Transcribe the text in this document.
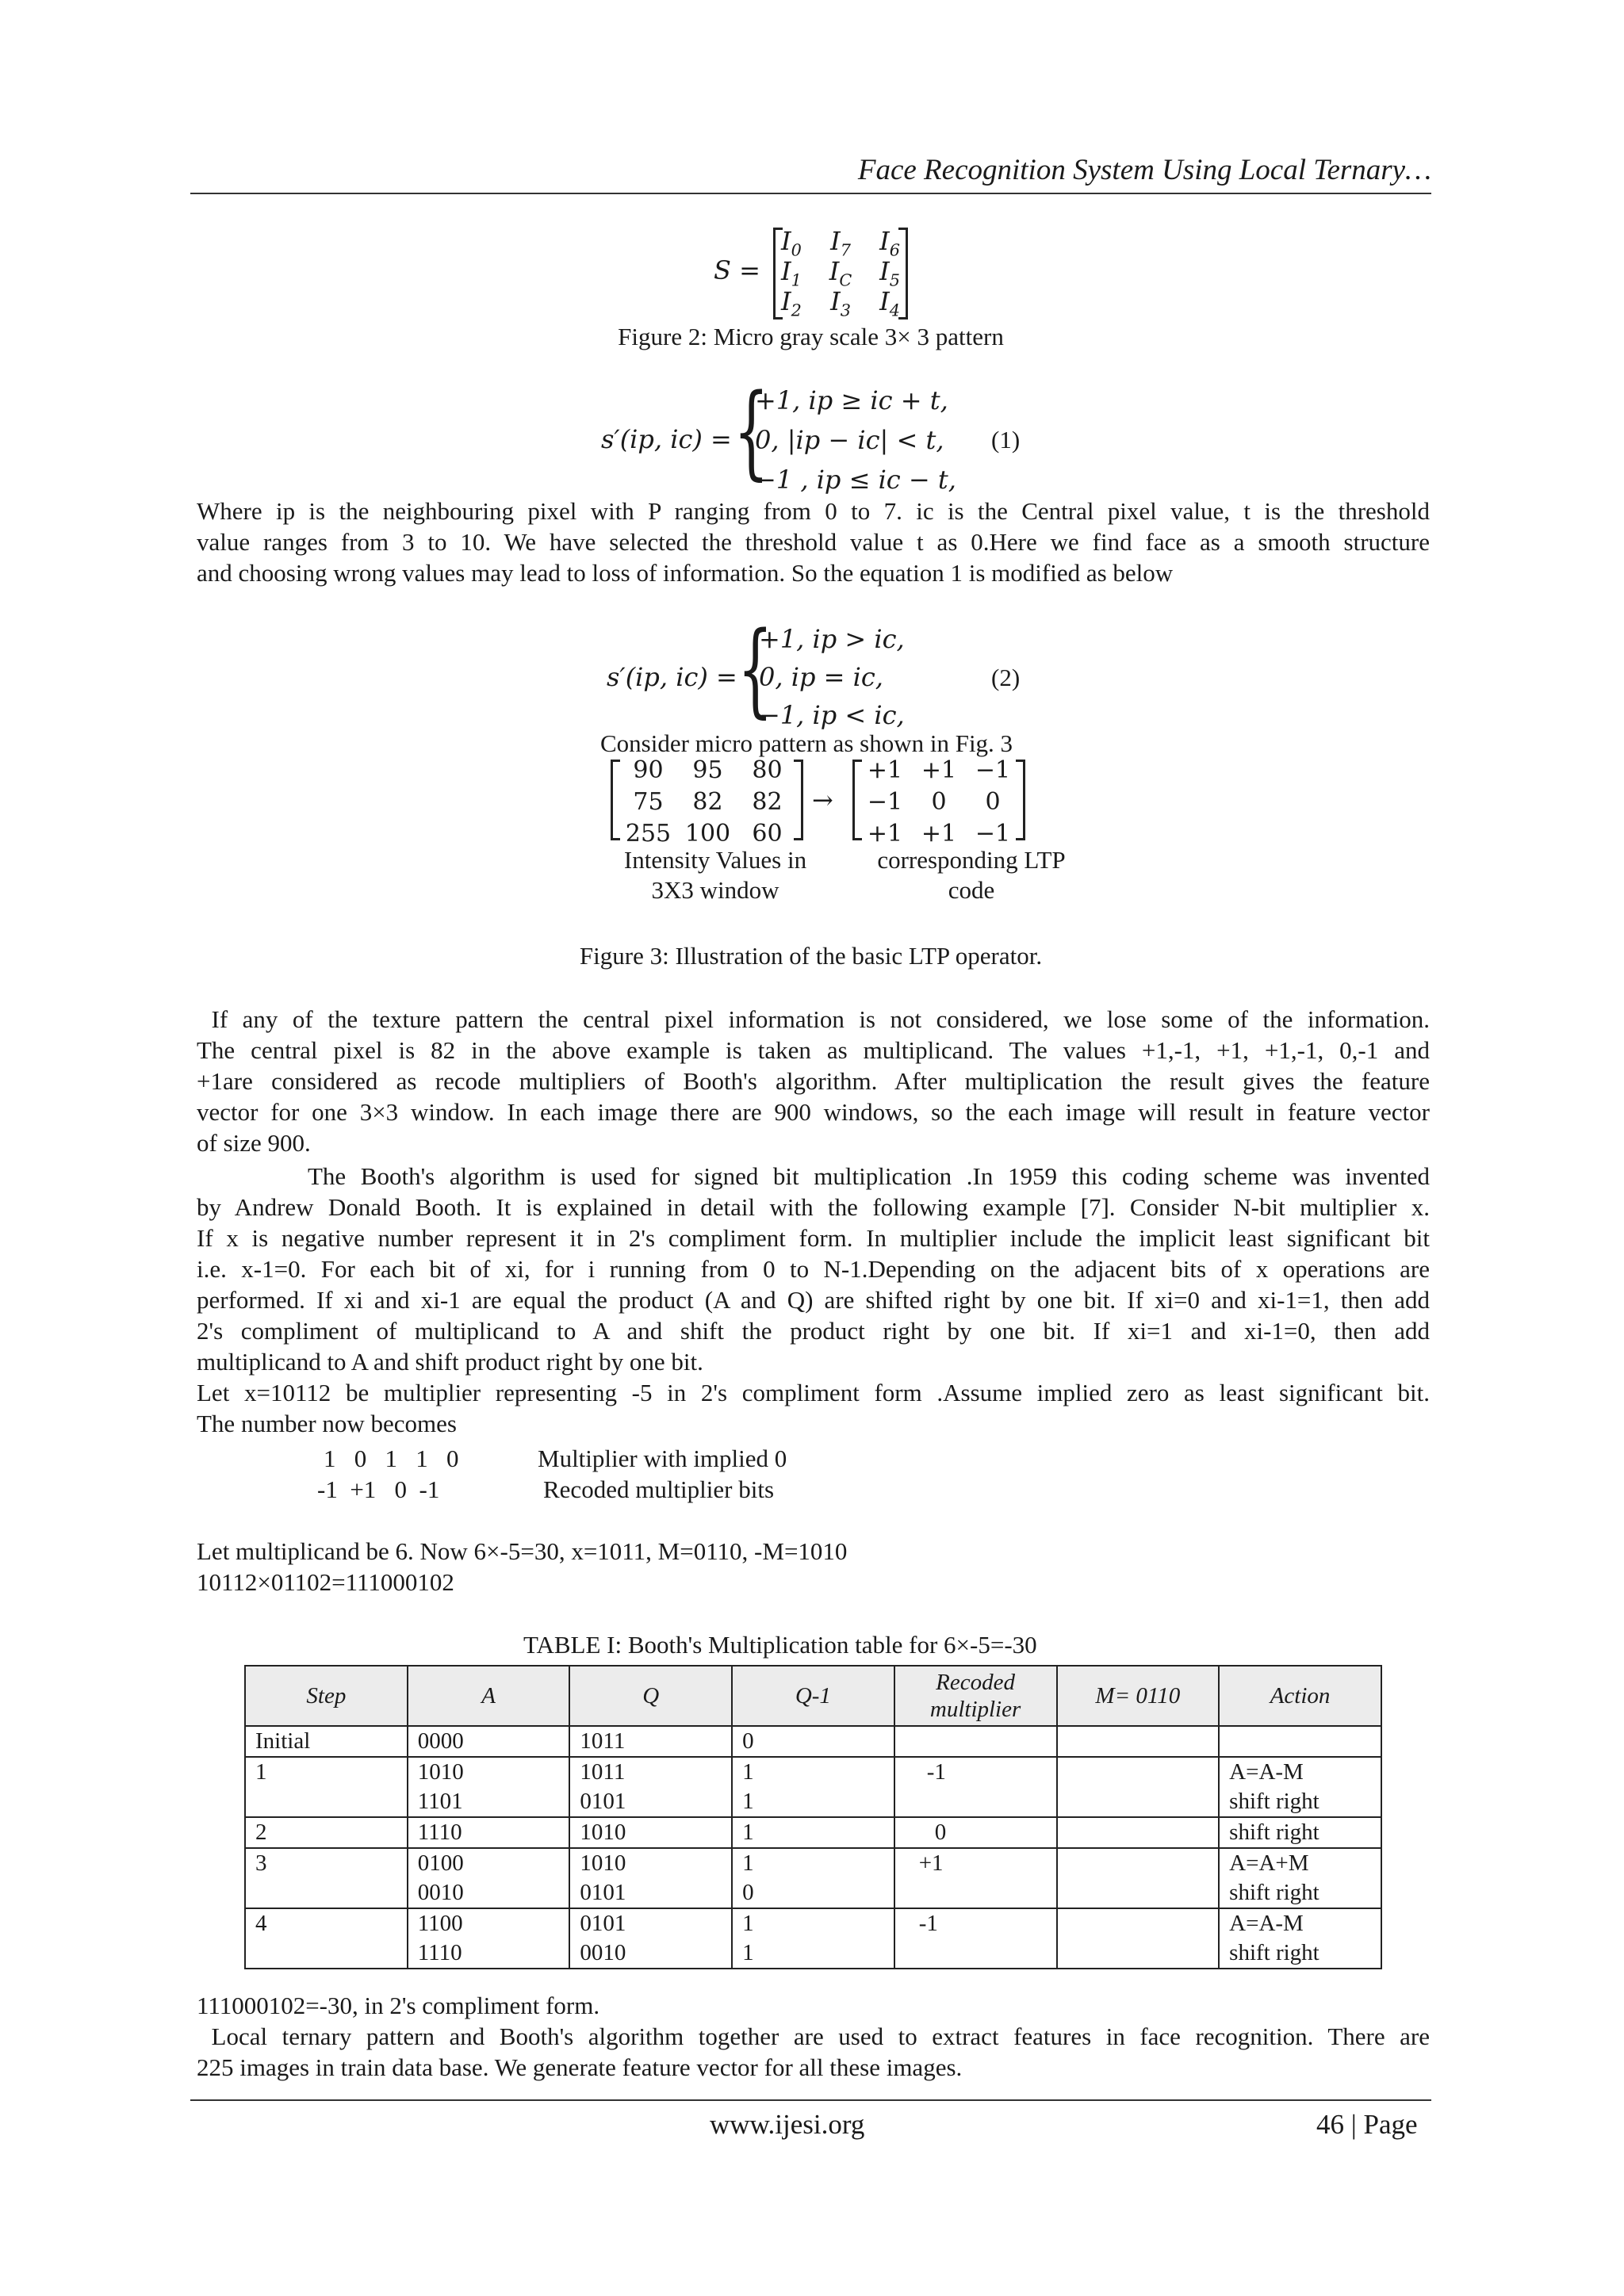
Face Recognition System Using Local Ternary…
S =
$I_0$ $I_7$ $I_6$
$I_1$ $I_C$ $I_5$
$I_2$ $I_3$ $I_4$
Figure 2: Micro gray scale 3× 3 pattern
s′(ip, ic) = {
+1, ip ≥ ic + t,
0, |ip − ic| < t,
−1 , ip ≤ ic − t,
(1)
Where ip is the neighbouring pixel with P ranging from 0 to 7. ic is the Central pixel value, t is the threshold
value ranges from 3 to 10. We have selected the threshold value t as 0.Here we find face as a smooth structure
and choosing wrong values may lead to loss of information. So the equation 1 is modified as below
s′(ip, ic) = {
+1, ip > ic,
0, ip = ic,
−1, ip < ic,
(2)
Consider micro pattern as shown in Fig. 3
90	95	80
75	82	82
255 100 60
→
+1 +1 −1
−1	0	0
+1 +1 −1
Intensity Values in
3X3 window
corresponding LTP
code
Figure 3: Illustration of the basic LTP operator.
If any of the texture pattern the central pixel information is not considered, we lose some of the information.
The central pixel is 82 in the above example is taken as multiplicand. The values +1,-1, +1, +1,-1, 0,-1 and
+1are considered as recode multipliers of Booth's algorithm. After multiplication the result gives the feature
vector for one 3×3 window. In each image there are 900 windows, so the each image will result in feature vector
of size 900.
The Booth's algorithm is used for signed bit multiplication .In 1959 this coding scheme was invented
by Andrew Donald Booth. It is explained in detail with the following example [7]. Consider N-bit multiplier x.
If x is negative number represent it in 2's compliment form. In multiplier include the implicit least significant bit
i.e. x-1=0. For each bit of xi, for i running from 0 to N-1.Depending on the adjacent bits of x operations are
performed. If xi and xi-1 are equal the product (A and Q) are shifted right by one bit. If xi=0 and xi-1=1, then add
2's compliment of multiplicand to A and shift the product right by one bit. If xi=1 and xi-1=0, then add
multiplicand to A and shift product right by one bit.
Let x=10112 be multiplier representing -5 in 2's compliment form .Assume implied zero as least significant bit.
The number now becomes
1   0   1   1   0	Multiplier with implied 0
-1  +1   0  -1	Recoded multiplier bits
Let multiplicand be 6. Now 6×-5=30, x=1011, M=0110, -M=1010
10112×01102=111000102
TABLE I: Booth's Multiplication table for 6×-5=-30
Step	A	Q	Q-1	Recoded multiplier	M= 0110	Action
Initial	0000	1011	0			
1	1010	1011	1	-1		A=A-M
	1101	0101	1			shift right
2	1110	1010	1	0		shift right
3	0100	1010	1	+1		A=A+M
	0010	0101	0			shift right
4	1100	0101	1	-1		A=A-M
	1110	0010	1			shift right
111000102=-30, in 2's compliment form.
Local ternary pattern and Booth's algorithm together are used to extract features in face recognition. There are
225 images in train data base. We generate feature vector for all these images.
www.ijesi.org	46 | Page
